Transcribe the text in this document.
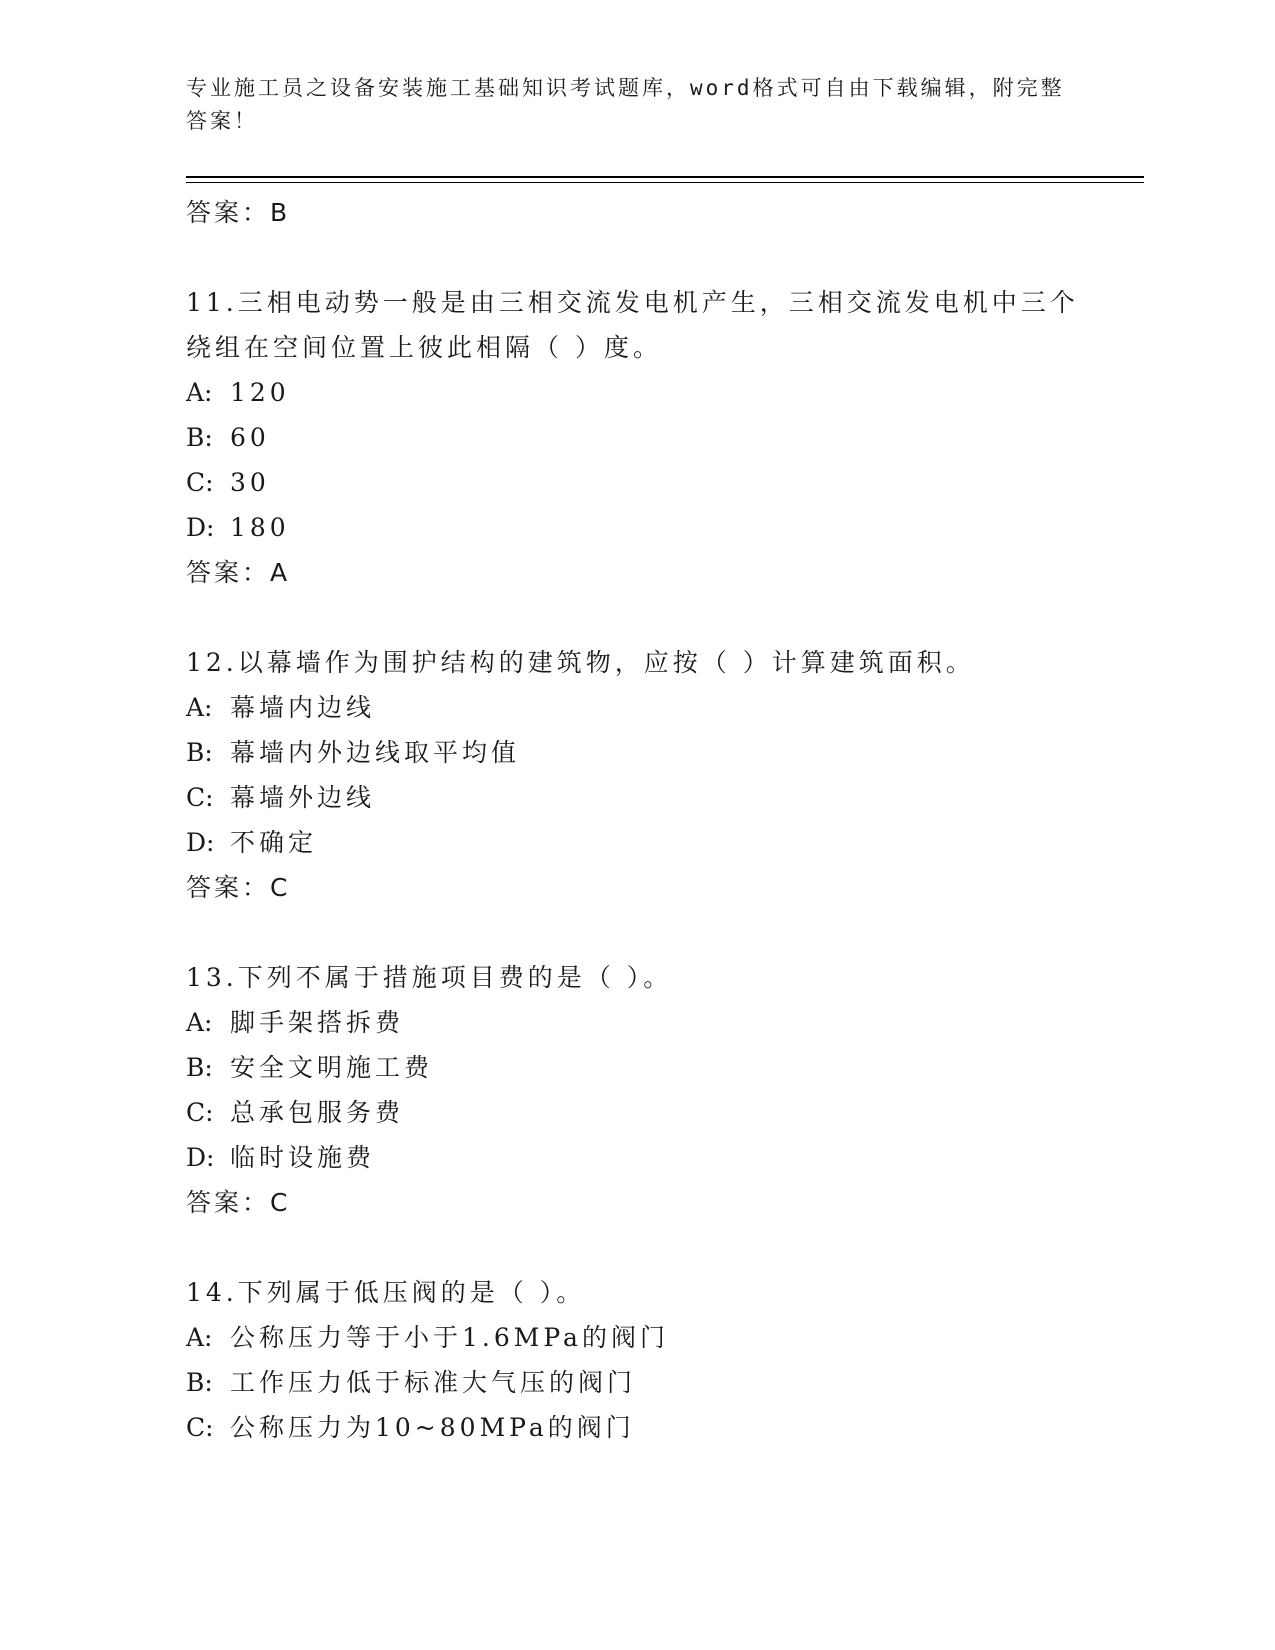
专业施工员之设备安装施工基础知识考试题库，word格式可自由下载编辑，附完整答案！
答案：B
11.三相电动势一般是由三相交流发电机产生，三相交流发电机中三个绕组在空间位置上彼此相隔（ ）度。
A: 120
B: 60
C: 30
D: 180
答案：A
12.以幕墙作为围护结构的建筑物，应按（ ）计算建筑面积。
A: 幕墙内边线
B: 幕墙内外边线取平均值
C: 幕墙外边线
D: 不确定
答案：C
13.下列不属于措施项目费的是（ ）。
A: 脚手架搭拆费
B: 安全文明施工费
C: 总承包服务费
D: 临时设施费
答案：C
14.下列属于低压阀的是（ ）。
A: 公称压力等于小于1.6MPa的阀门
B: 工作压力低于标准大气压的阀门
C: 公称压力为10~80MPa的阀门
